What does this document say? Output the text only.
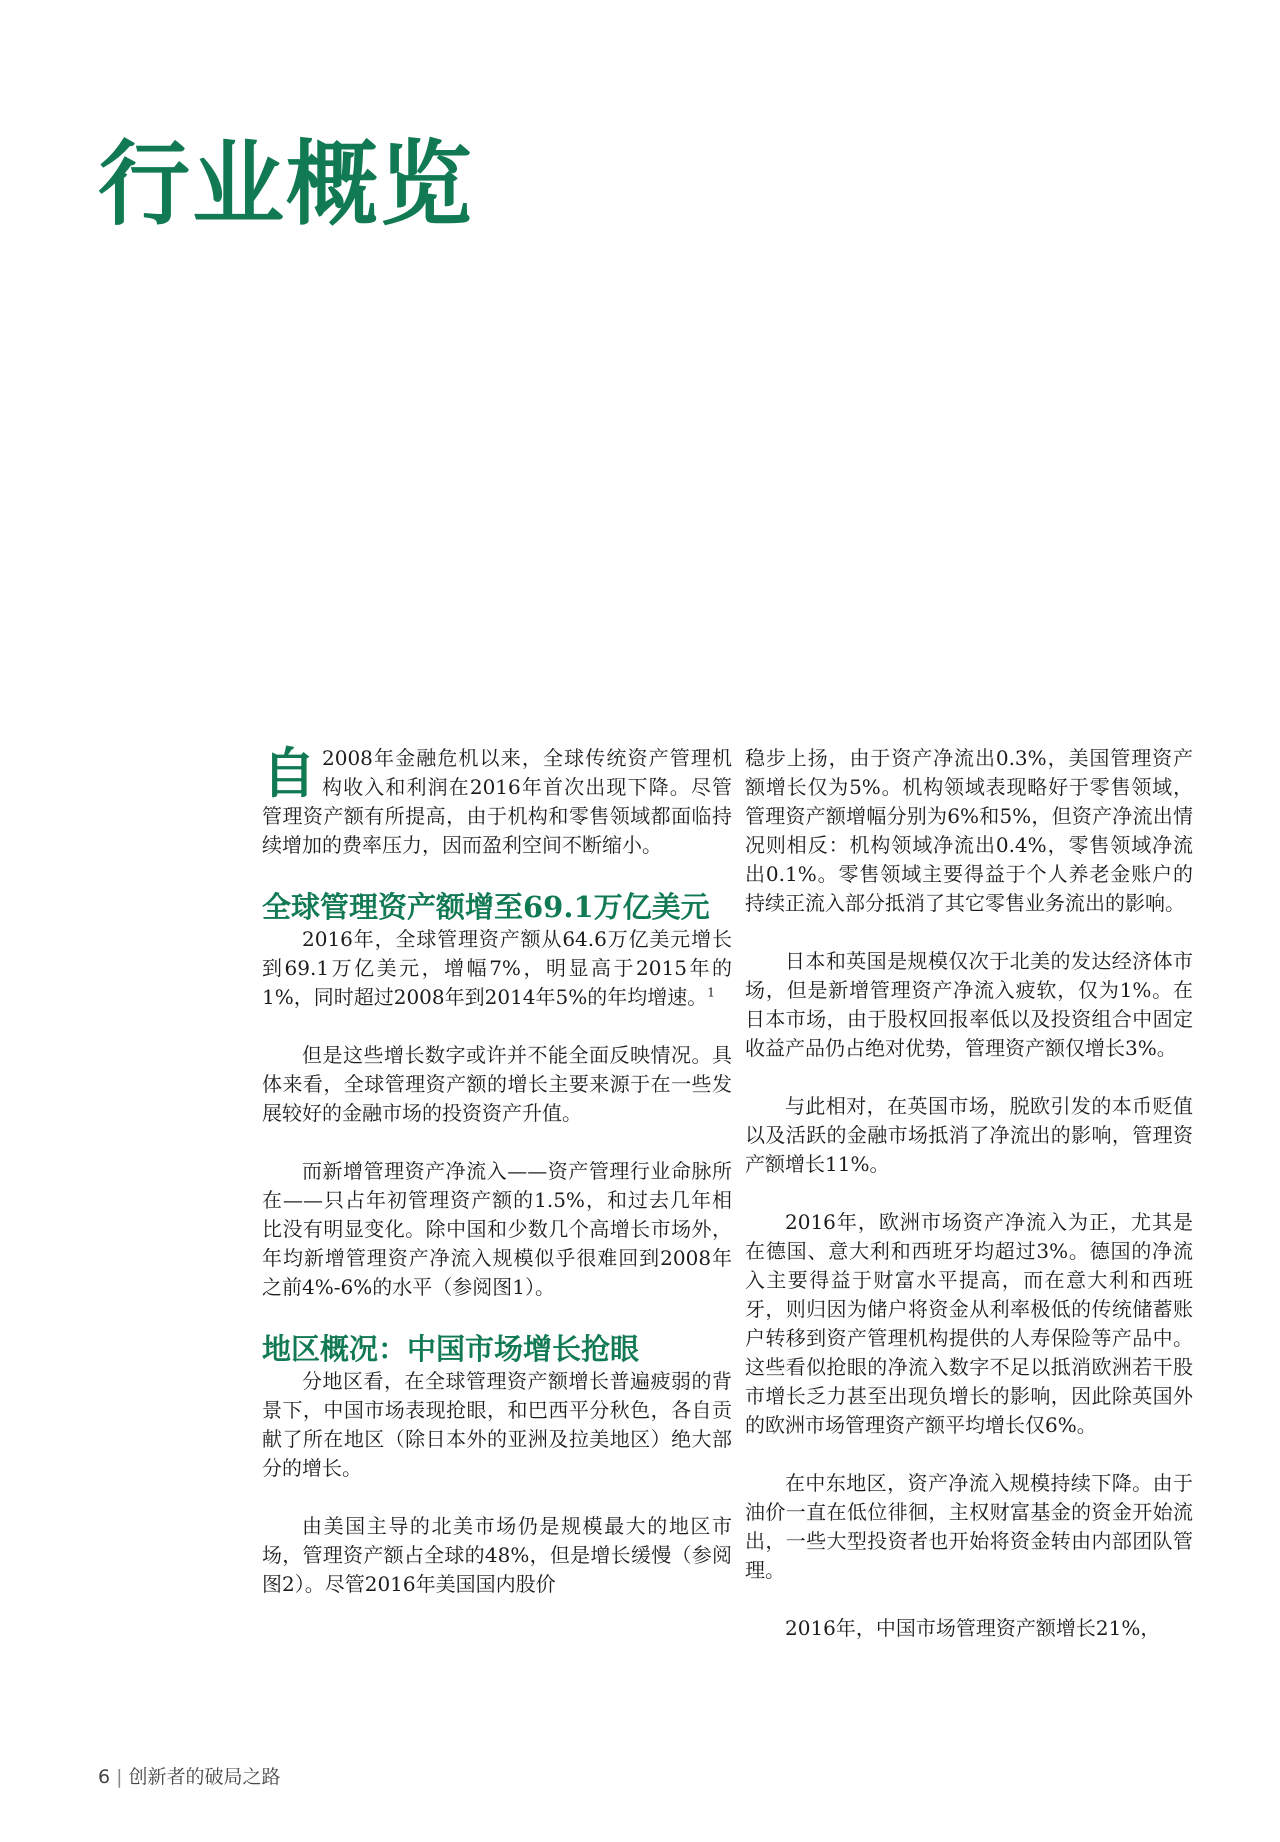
行业概览

自 2008年金融危机以来，全球传统资产管理机构收入和利润在2016年首次出现下降。尽管管理资产额有所提高，由于机构和零售领域都面临持续增加的费率压力，因而盈利空间不断缩小。

全球管理资产额增至69.1万亿美元

2016年，全球管理资产额从64.6万亿美元增长到69.1万亿美元，增幅7%，明显高于2015年的1%，同时超过2008年到2014年5%的年均增速。$^1$

但是这些增长数字或许并不能全面反映情况。具体来看，全球管理资产额的增长主要来源于在一些发展较好的金融市场的投资资产升值。

而新增管理资产净流入——资产管理行业命脉所在——只占年初管理资产额的1.5%，和过去几年相比没有明显变化。除中国和少数几个高增长市场外，年均新增管理资产净流入规模似乎很难回到2008年之前4%-6%的水平（参阅图1）。

地区概况：中国市场增长抢眼

分地区看，在全球管理资产额增长普遍疲弱的背景下，中国市场表现抢眼，和巴西平分秋色，各自贡献了所在地区（除日本外的亚洲及拉美地区）绝大部分的增长。

由美国主导的北美市场仍是规模最大的地区市场，管理资产额占全球的48%，但是增长缓慢（参阅图2）。尽管2016年美国国内股价

稳步上扬，由于资产净流出0.3%，美国管理资产额增长仅为5%。机构领域表现略好于零售领域，管理资产额增幅分别为6%和5%，但资产净流出情况则相反：机构领域净流出0.4%，零售领域净流出0.1%。零售领域主要得益于个人养老金账户的持续正流入部分抵消了其它零售业务流出的影响。

日本和英国是规模仅次于北美的发达经济体市场，但是新增管理资产净流入疲软，仅为1%。在日本市场，由于股权回报率低以及投资组合中固定收益产品仍占绝对优势，管理资产额仅增长3%。

与此相对，在英国市场，脱欧引发的本币贬值以及活跃的金融市场抵消了净流出的影响，管理资产额增长11%。

2016年，欧洲市场资产净流入为正，尤其是在德国、意大利和西班牙均超过3%。德国的净流入主要得益于财富水平提高，而在意大利和西班牙，则归因为储户将资金从利率极低的传统储蓄账户转移到资产管理机构提供的人寿保险等产品中。这些看似抢眼的净流入数字不足以抵消欧洲若干股市增长乏力甚至出现负增长的影响，因此除英国外的欧洲市场管理资产额平均增长仅6%。

在中东地区，资产净流入规模持续下降。由于油价一直在低位徘徊，主权财富基金的资金开始流出，一些大型投资者也开始将资金转由内部团队管理。

2016年，中国市场管理资产额增长21%，

6 | 创新者的破局之路
